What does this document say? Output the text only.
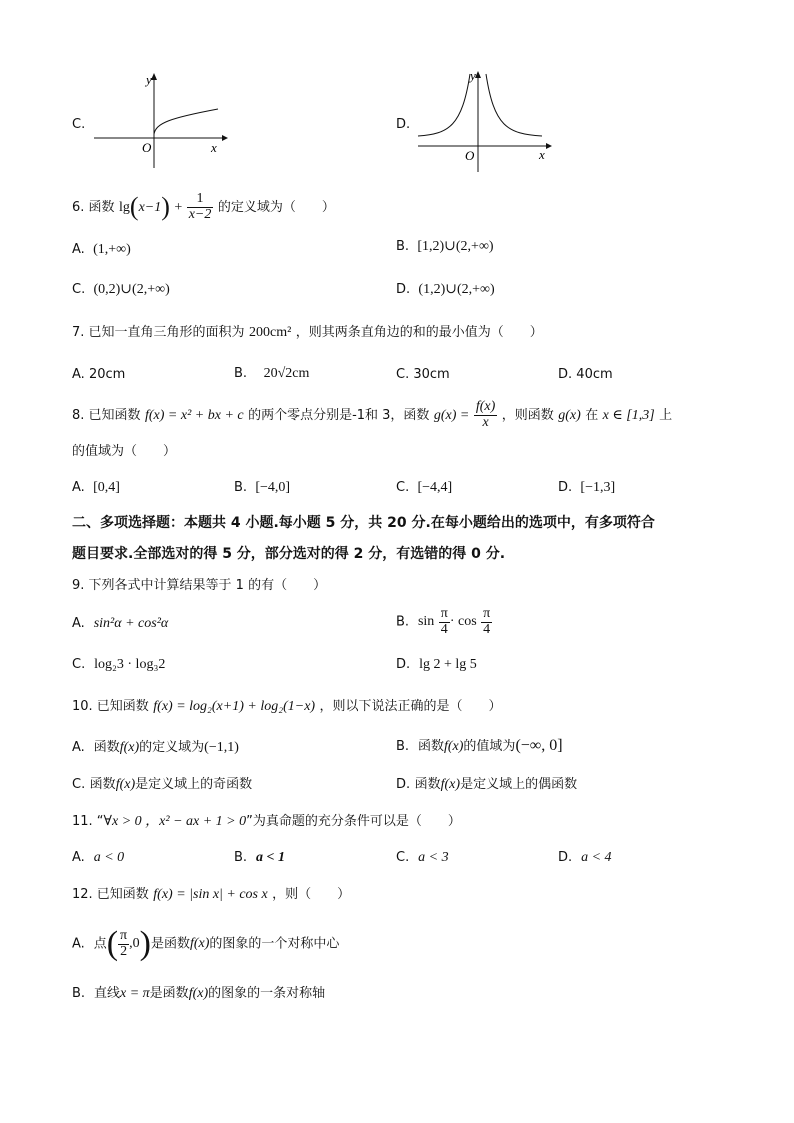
C.
y
x
O
D.
y
x
O
6. 函数 $\lg(x-1) + \frac{1}{x-2}$ 的定义域为（　　）
A. (1,+∞)	B. [1,2)∪(2,+∞)
C. (0,2)∪(2,+∞)	D. (1,2)∪(2,+∞)
7. 已知一直角三角形的面积为 200cm² ，则其两条直角边的和的最小值为（　　）
A. 20cm	B. 20√2cm	C. 30cm	D. 40cm
8. 已知函数 f(x) = x² + bx + c 的两个零点分别是-1和 3，函数 $g(x) = \frac{f(x)}{x}$ ，则函数 g(x) 在 x ∈ [1,3] 上
的值域为（　　）
A. [0,4]	B. [−4,0]	C. [−4,4]	D. [−1,3]
二、多项选择题：本题共 4 小题.每小题 5 分，共 20 分.在每小题给出的选项中，有多项符合
题目要求.全部选对的得 5 分，部分选对的得 2 分，有选错的得 0 分.
9. 下列各式中计算结果等于 1 的有（　　）
A. sin²α + cos²α	B. $\sin \frac{\pi}{4} \cdot \cos \frac{\pi}{4}$
C. log₂3 · log₃2	D. lg 2 + lg 5
10. 已知函数 f(x) = log₂(x+1) + log₂(1−x) ，则以下说法正确的是（　　）
A. 函数f(x)的定义域为(−1,1)	B. 函数f(x)的值域为(−∞, 0]
C. 函数f(x)是定义域上的奇函数	D. 函数f(x)是定义域上的偶函数
11. “∀x > 0 ，x² − ax + 1 > 0”为真命题的充分条件可以是（　　）
A. a < 0	B. a < 1	C. a < 3	D. a < 4
12. 已知函数 f(x) = |sin x| + cos x ，则（　　）
A. 点( $\frac{\pi}{2} ,0$)是函数f(x)的图象的一个对称中心
B. 直线x = π是函数f(x)的图象的一条对称轴
